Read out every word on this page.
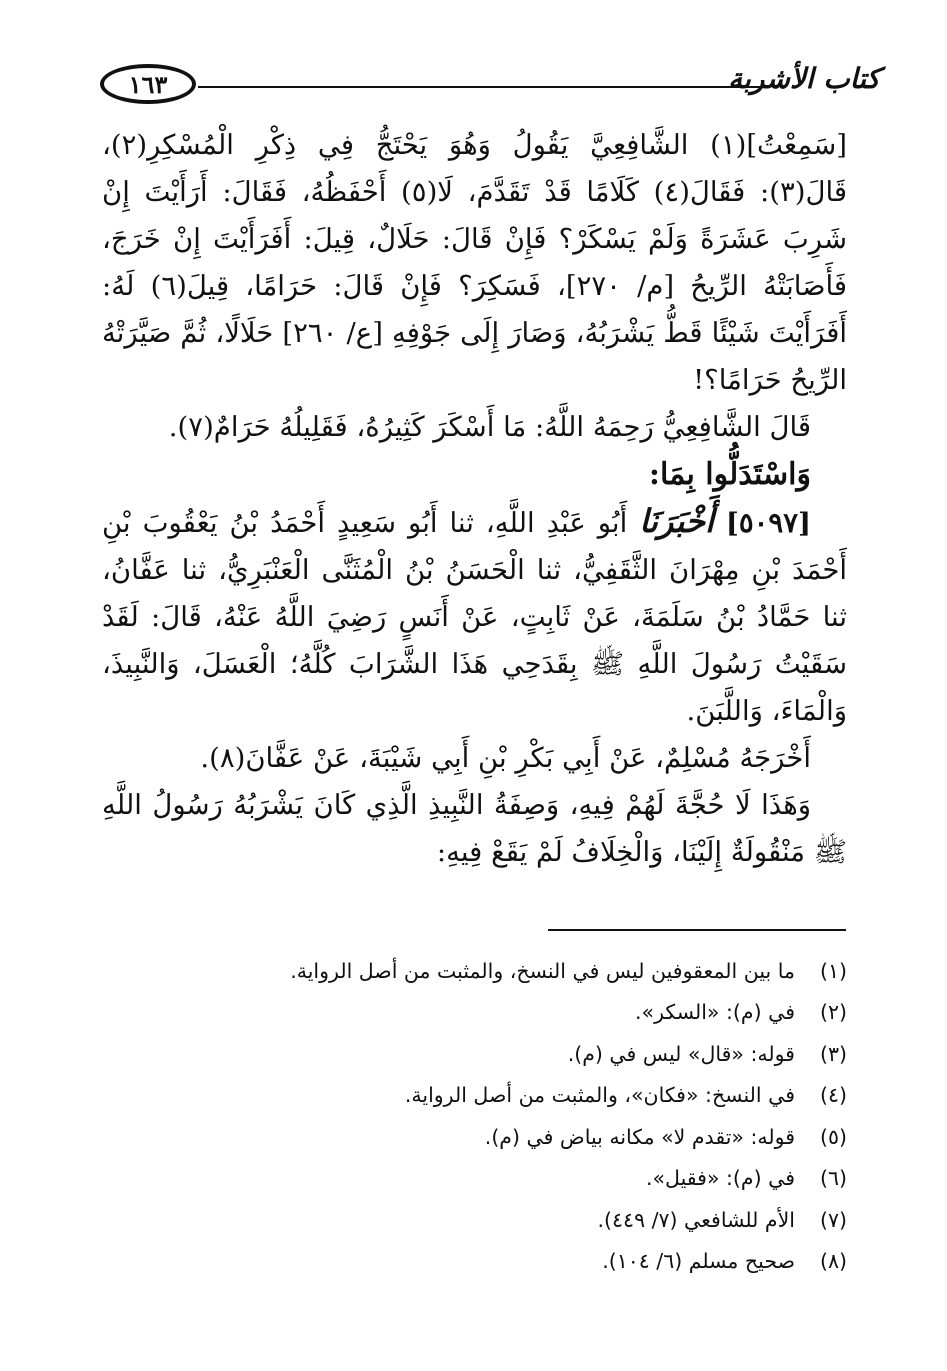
١٦٣	كتاب الأشربة

[سَمِعْتُ](١) الشَّافِعِيَّ يَقُولُ وَهُوَ يَحْتَجُّ فِي ذِكْرِ الْمُسْكِرِ(٢)، قَالَ(٣): فَقَالَ(٤) كَلَامًا قَدْ تَقَدَّمَ، لَا(٥) أَحْفَظُهُ، فَقَالَ: أَرَأَيْتَ إِنْ شَرِبَ عَشَرَةً وَلَمْ يَسْكَرْ؟ فَإِنْ قَالَ: حَلَالٌ، قِيلَ: أَفَرَأَيْتَ إِنْ خَرَجَ، فَأَصَابَتْهُ الرِّيحُ [م/ ٢٧٠]، فَسَكِرَ؟ فَإِنْ قَالَ: حَرَامًا، قِيلَ(٦) لَهُ: أَفَرَأَيْتَ شَيْئًا قَطُّ يَشْرَبُهُ، وَصَارَ إِلَى جَوْفِهِ [ع/ ٢٦٠] حَلَالًا، ثُمَّ صَيَّرَتْهُ الرِّيحُ حَرَامًا؟!

قَالَ الشَّافِعِيُّ رَحِمَهُ اللَّهُ: مَا أَسْكَرَ كَثِيرُهُ، فَقَلِيلُهُ حَرَامٌ(٧).

وَاسْتَدَلُّوا بِمَا:

[٥٠٩٧] أَخْبَرَنَا أَبُو عَبْدِ اللَّهِ، ثنا أَبُو سَعِيدٍ أَحْمَدُ بْنُ يَعْقُوبَ بْنِ أَحْمَدَ بْنِ مِهْرَانَ الثَّقَفِيُّ، ثنا الْحَسَنُ بْنُ الْمُثَنَّى الْعَنْبَرِيُّ، ثنا عَفَّانُ، ثنا حَمَّادُ بْنُ سَلَمَةَ، عَنْ ثَابِتٍ، عَنْ أَنَسٍ رَضِيَ اللَّهُ عَنْهُ، قَالَ: لَقَدْ سَقَيْتُ رَسُولَ اللَّهِ ﷺ بِقَدَحِي هَذَا الشَّرَابَ كُلَّهُ؛ الْعَسَلَ، وَالنَّبِيذَ، وَالْمَاءَ، وَاللَّبَنَ.

أَخْرَجَهُ مُسْلِمٌ، عَنْ أَبِي بَكْرِ بْنِ أَبِي شَيْبَةَ، عَنْ عَفَّانَ(٨).

وَهَذَا لَا حُجَّةَ لَهُمْ فِيهِ، وَصِفَةُ النَّبِيذِ الَّذِي كَانَ يَشْرَبُهُ رَسُولُ اللَّهِ ﷺ مَنْقُولَةٌ إِلَيْنَا، وَالْخِلَافُ لَمْ يَقَعْ فِيهِ:

(١)
ما بين المعقوفين ليس في النسخ، والمثبت من أصل الرواية.
(٢)
في (م): «السكر».
(٣)
قوله: «قال» ليس في (م).
(٤)
في النسخ: «فكان»، والمثبت من أصل الرواية.
(٥)
قوله: «تقدم لا» مكانه بياض في (م).
(٦)
في (م): «فقيل».
(٧)
الأم للشافعي (٧/ ٤٤٩).
(٨)
صحيح مسلم (٦/ ١٠٤).
